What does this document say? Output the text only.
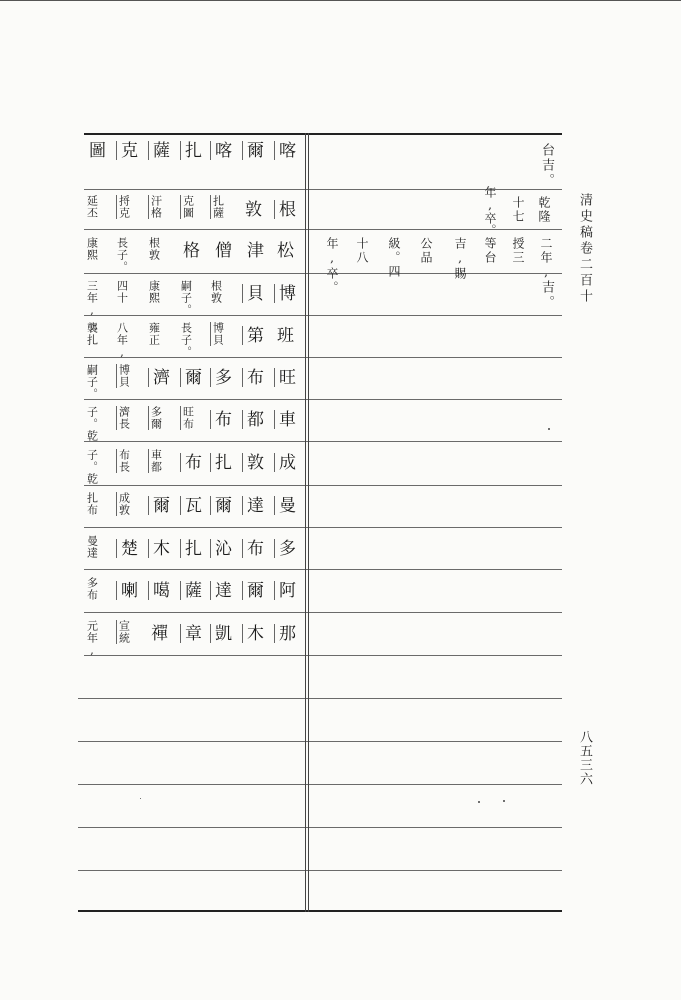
圖 克 薩 扎 喀 爾 喀
延丕 捋克 汗格 克圖 扎薩 敦 根
康熙 長子。 根敦 格 僧 津 松
三年, 四十 康熙 嗣子。 根敦 貝 博
襲扎 八年, 雍正 長子。 博貝 第 班
嗣子。 博貝 濟 爾 多 布 旺
子。乾 濟長 多爾 旺布 布 都 車
子。乾 布長 車都 布 扎 敦 成
扎布 成敦 爾 瓦 爾 達 曼
曼達 楚 木 扎 沁 布 多
多布 喇 噶 薩 達 爾 阿
元年, 宣統 禪 章 凱 木 那
台吉。
乾隆
十七
年,卒。
二年,
授三
等台
吉,賜
公品
級。四
十八
年,卒。	吉。 清史稿卷二百十
八五三六
